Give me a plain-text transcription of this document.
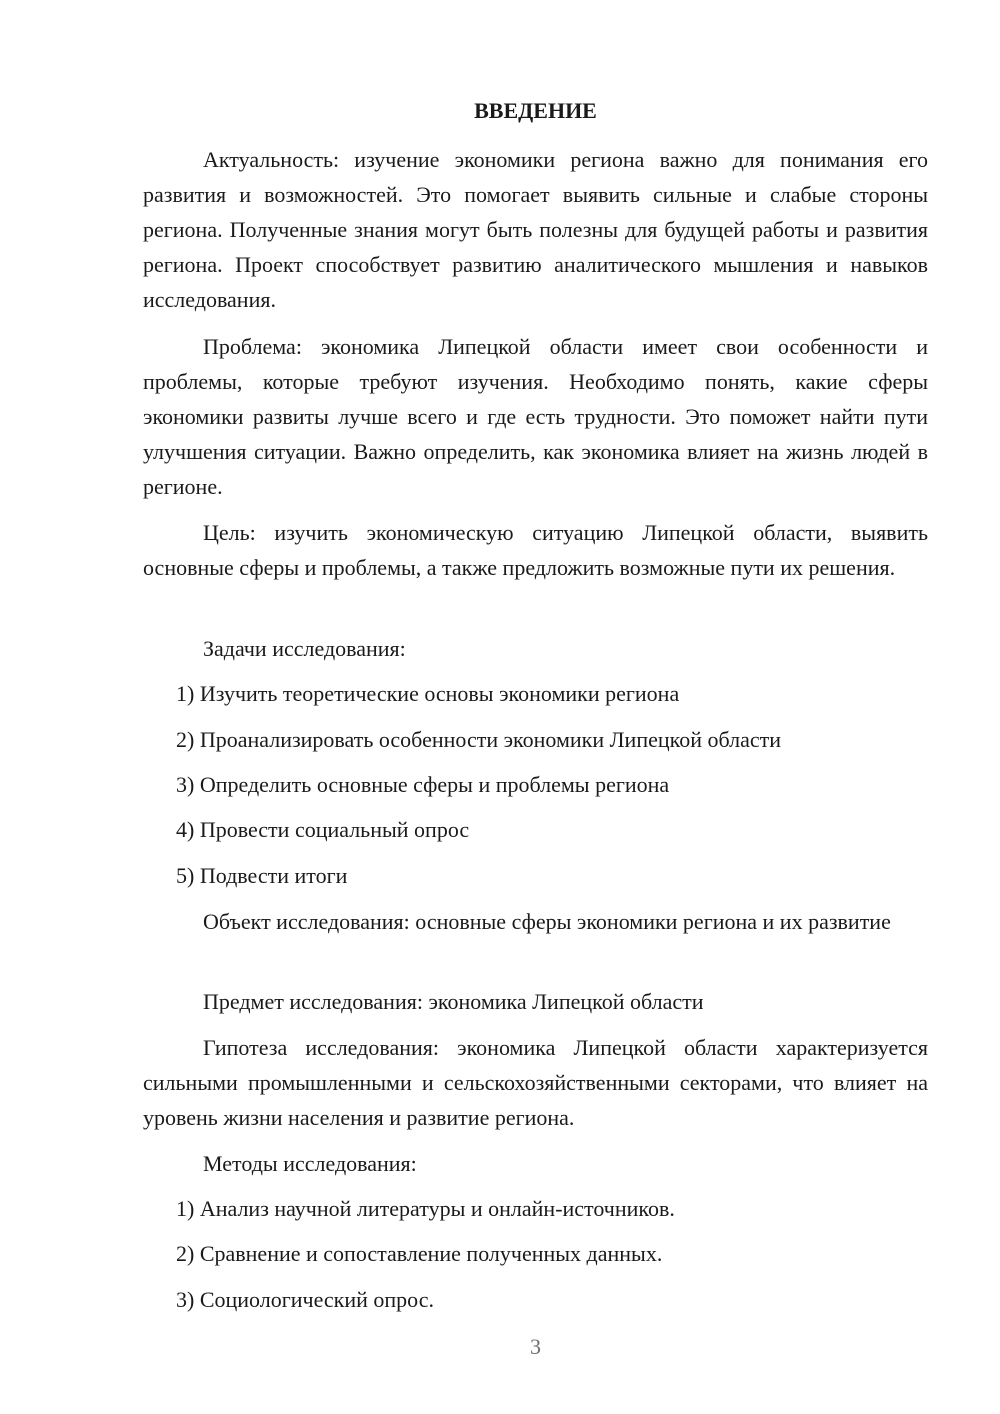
ВВЕДЕНИЕ

Актуальность: изучение экономики региона важно для понимания его развития и возможностей. Это помогает выявить сильные и слабые стороны региона. Полученные знания могут быть полезны для будущей работы и развития региона. Проект способствует развитию аналитического мышления и навыков исследования.

Проблема: экономика Липецкой области имеет свои особенности и проблемы, которые требуют изучения. Необходимо понять, какие сферы экономики развиты лучше всего и где есть трудности. Это поможет найти пути улучшения ситуации. Важно определить, как экономика влияет на жизнь людей в регионе.

Цель: изучить экономическую ситуацию Липецкой области, выявить основные сферы и проблемы, а также предложить возможные пути их решения.

Задачи исследования:

1) Изучить теоретические основы экономики региона

2) Проанализировать особенности экономики Липецкой области

3) Определить основные сферы и проблемы региона

4) Провести социальный опрос

5) Подвести итоги

Объект исследования: основные сферы экономики региона и их развитие

Предмет исследования: экономика Липецкой области

Гипотеза исследования: экономика Липецкой области характеризуется сильными промышленными и сельскохозяйственными секторами, что влияет на уровень жизни населения и развитие региона.

Методы исследования:

1) Анализ научной литературы и онлайн-источников.

2) Сравнение и сопоставление полученных данных.

3) Социологический опрос.

3
